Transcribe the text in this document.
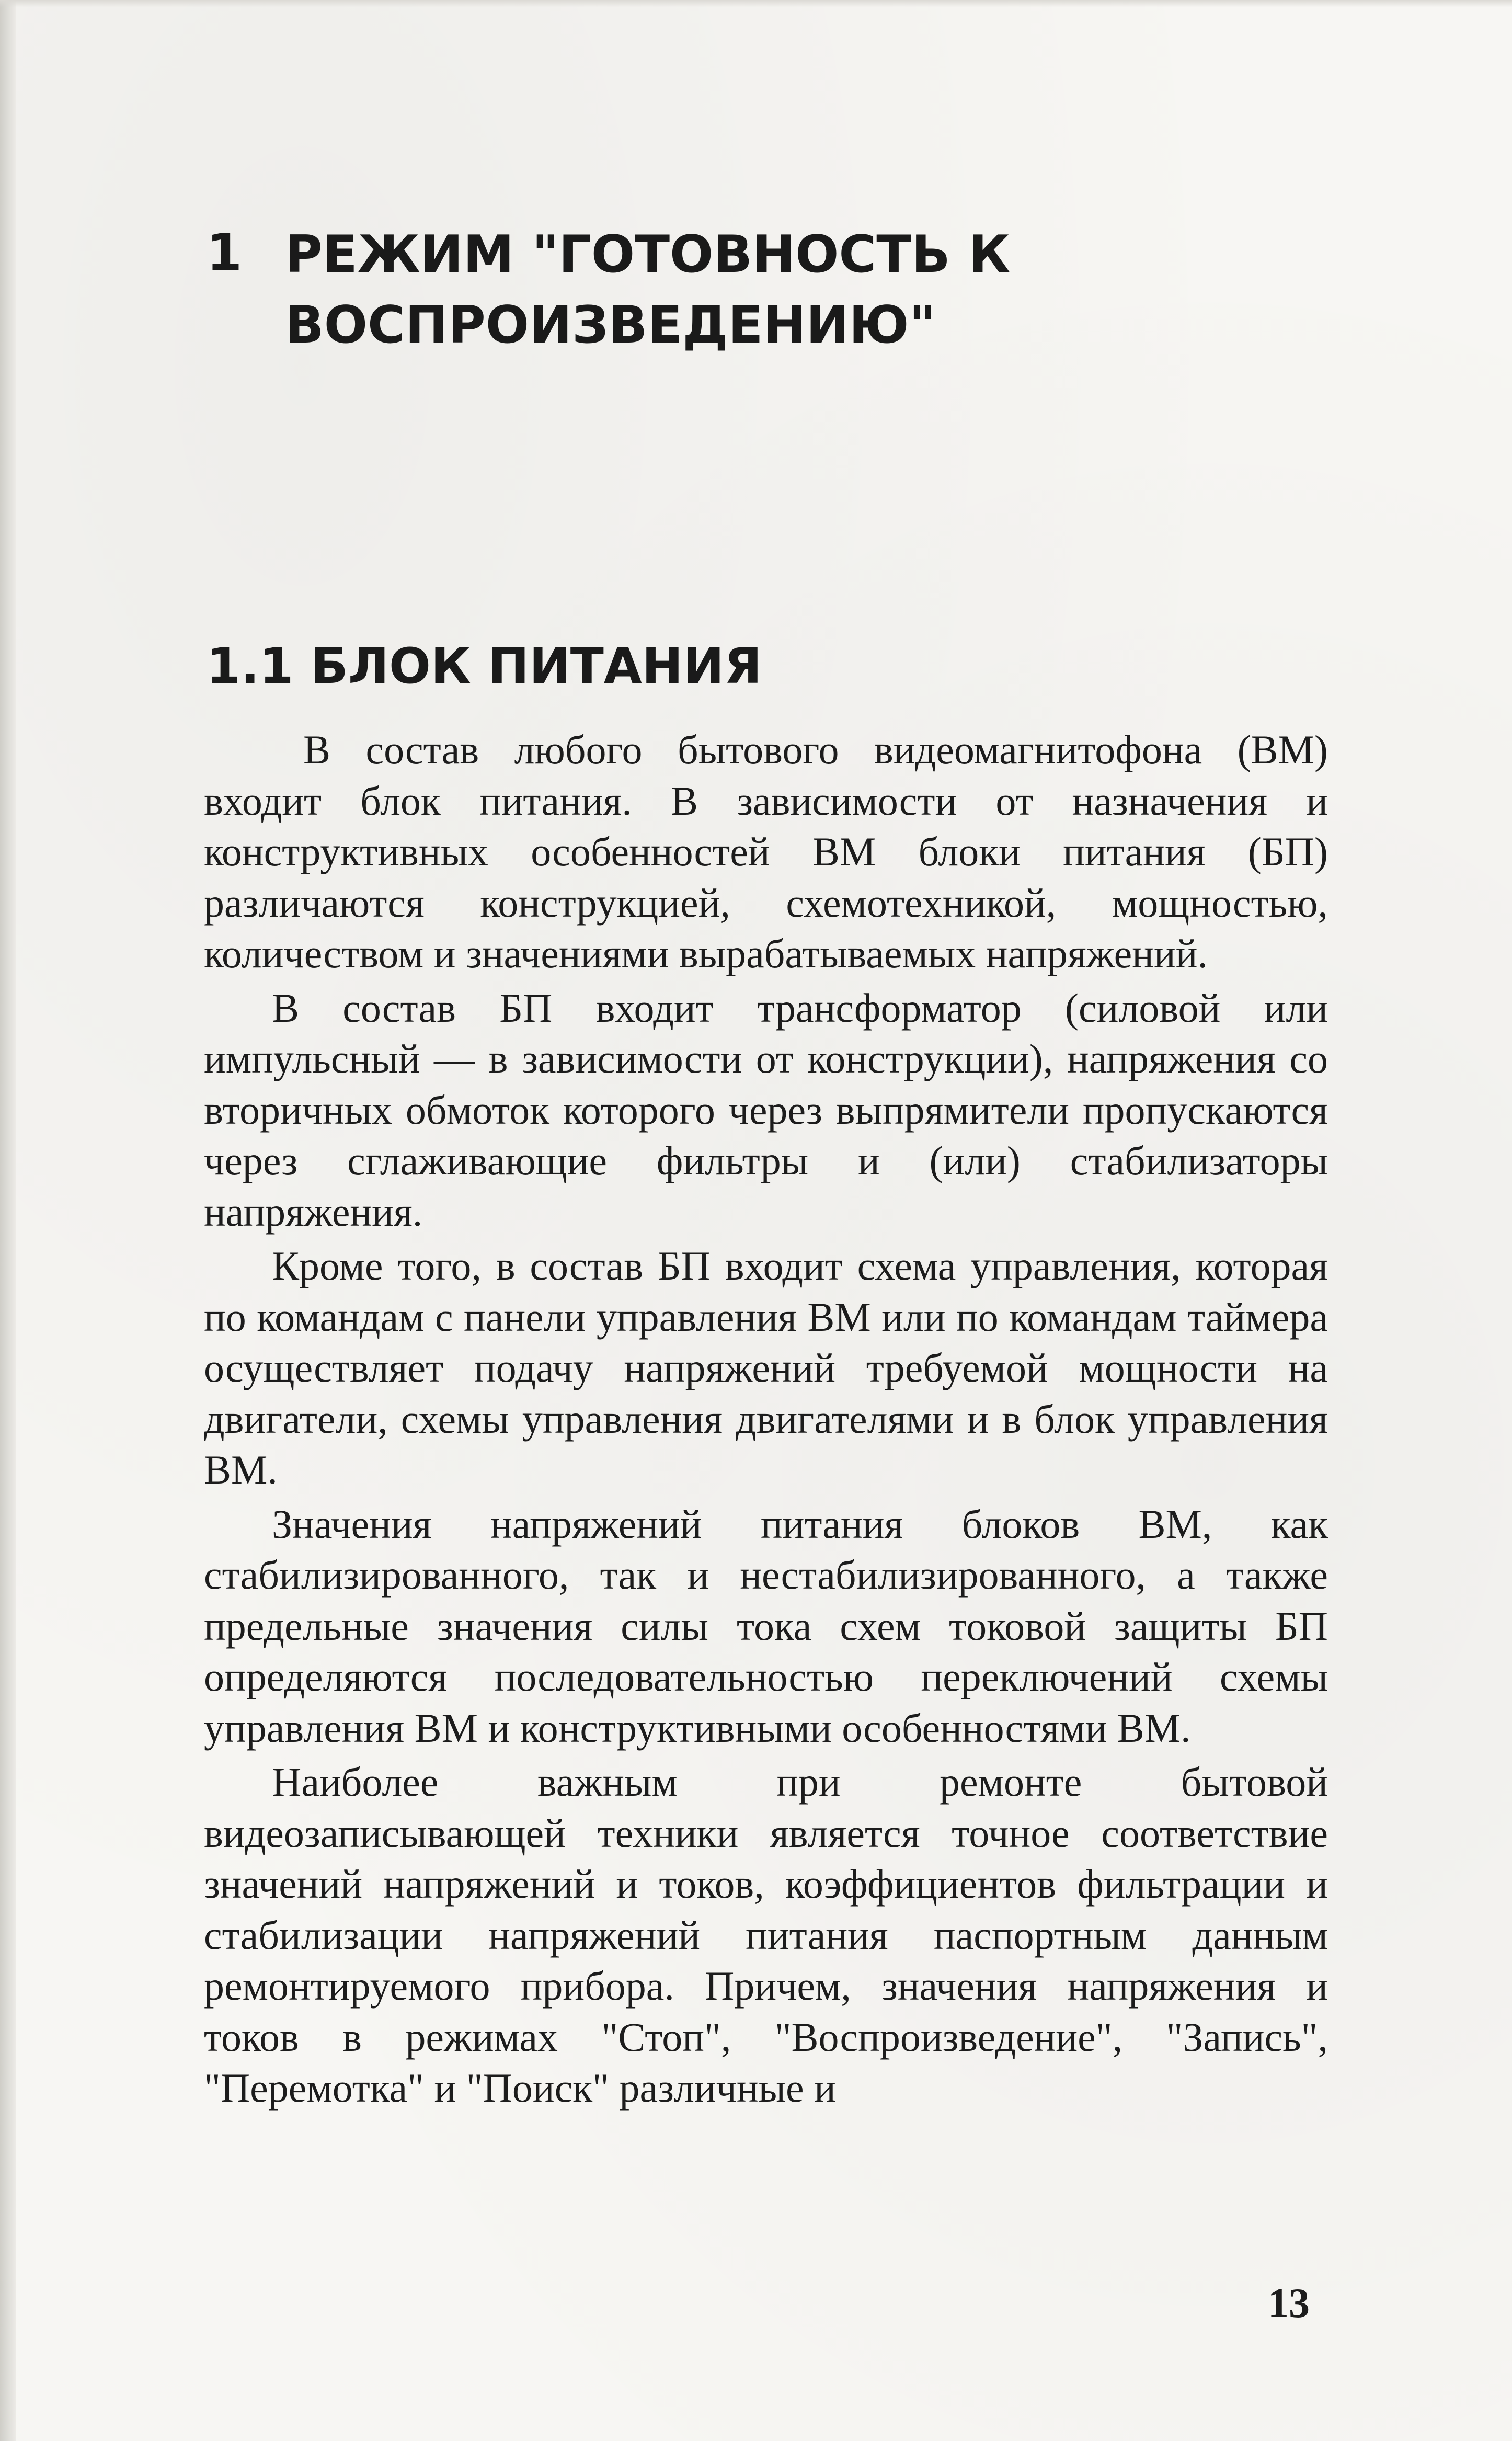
1 РЕЖИМ "ГОТОВНОСТЬ К ВОСПРОИЗВЕДЕНИЮ"
1.1 БЛОК ПИТАНИЯ

В состав любого бытового видеомагнитофона (ВМ) входит блок питания. В зависимости от назначения и конструктивных особенностей ВМ блоки питания (БП) различаются конструкцией, схемотехникой, мощностью, количеством и значениями вырабатываемых напряжений.

В состав БП входит трансформатор (силовой или импульсный — в зависимости от конструкции), напряжения со вторичных обмоток которого через выпрямители пропускаются через сглаживающие фильтры и (или) стабилизаторы напряжения.

Кроме того, в состав БП входит схема управления, которая по командам с панели управления ВМ или по командам таймера осуществляет подачу напряжений требуемой мощности на двигатели, схемы управления двигателями и в блок управления ВМ.

Значения напряжений питания блоков ВМ, как стабилизированного, так и нестабилизированного, а также предельные значения силы тока схем токовой защиты БП определяются последовательностью переключений схемы управления ВМ и конструктивными особенностями ВМ.

Наиболее важным при ремонте бытовой видеозаписывающей техники является точное соответствие значений напряжений и токов, коэффициентов фильтрации и стабилизации напряжений питания паспортным данным ремонтируемого прибора. Причем, значения напряжения и токов в режимах "Стоп", "Воспроизведение", "Запись", "Перемотка" и "Поиск" различные и

13
